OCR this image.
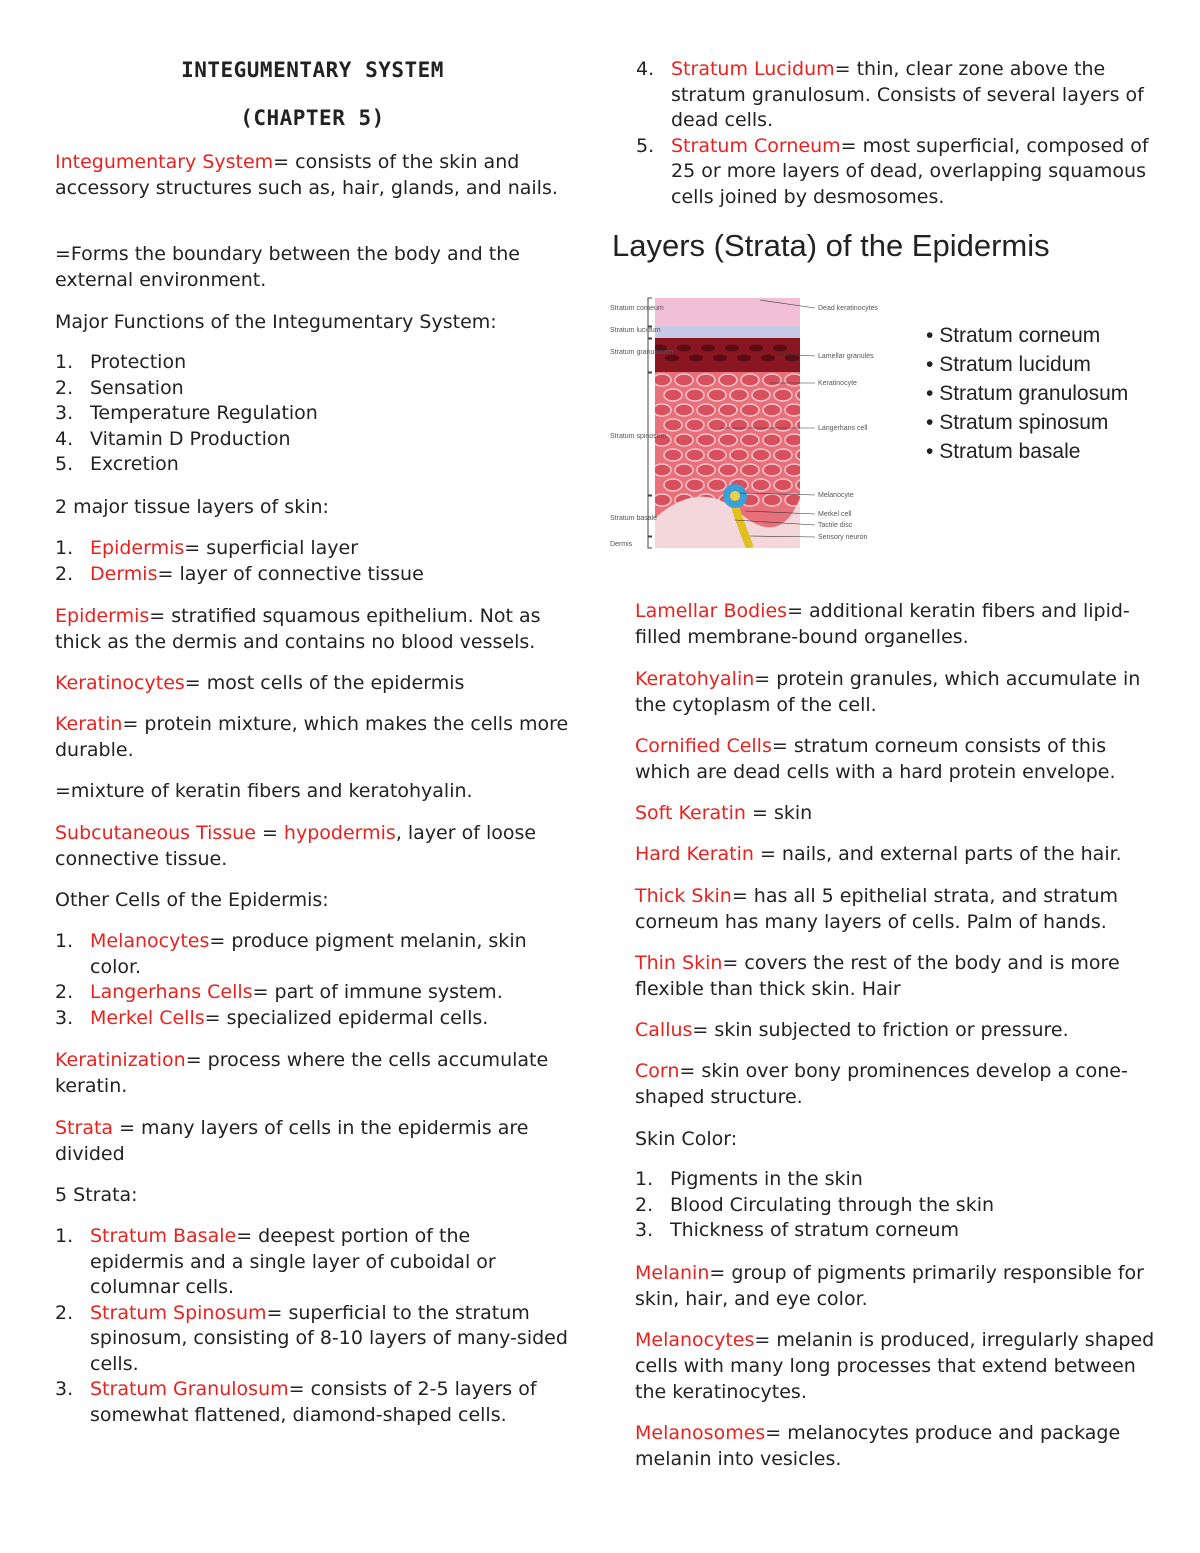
INTEGUMENTARY SYSTEM
(CHAPTER 5)

Integumentary System= consists of the skin and accessory structures such as, hair, glands, and nails.

=Forms the boundary between the body and the external environment.

Major Functions of the Integumentary System:

1. Protection
2. Sensation
3. Temperature Regulation
4. Vitamin D Production
5. Excretion

2 major tissue layers of skin:

1. Epidermis= superficial layer
2. Dermis= layer of connective tissue

Epidermis= stratified squamous epithelium. Not as thick as the dermis and contains no blood vessels.

Keratinocytes= most cells of the epidermis

Keratin= protein mixture, which makes the cells more durable.

=mixture of keratin fibers and keratohyalin.

Subcutaneous Tissue = hypodermis, layer of loose connective tissue.

Other Cells of the Epidermis:

1. Melanocytes= produce pigment melanin, skin color.
2. Langerhans Cells= part of immune system.
3. Merkel Cells= specialized epidermal cells.

Keratinization= process where the cells accumulate keratin.

Strata = many layers of cells in the epidermis are divided

5 Strata:

1. Stratum Basale= deepest portion of the epidermis and a single layer of cuboidal or columnar cells.
2. Stratum Spinosum= superficial to the stratum spinosum, consisting of 8-10 layers of many-sided cells.
3. Stratum Granulosum= consists of 2-5 layers of somewhat flattened, diamond-shaped cells.
4. Stratum Lucidum= thin, clear zone above the stratum granulosum. Consists of several layers of dead cells.
5. Stratum Corneum= most superficial, composed of 25 or more layers of dead, overlapping squamous cells joined by desmosomes.
Layers (Strata) of the Epidermis
Stratum corneum
Stratum lucidum
Stratum granulosum
Stratum spinosum
Stratum basale
Dermis
Dead keratinocytes
Lamellar granules
Keratinocyte
Langerhans cell
Melanocyte
Merkel cell
Tactile disc
Sensory neuron
• Stratum corneum
• Stratum lucidum
• Stratum granulosum
• Stratum spinosum
• Stratum basale

Lamellar Bodies= additional keratin fibers and lipid-filled membrane-bound organelles.

Keratohyalin= protein granules, which accumulate in the cytoplasm of the cell.

Cornified Cells= stratum corneum consists of this which are dead cells with a hard protein envelope.

Soft Keratin = skin

Hard Keratin = nails, and external parts of the hair.

Thick Skin= has all 5 epithelial strata, and stratum corneum has many layers of cells. Palm of hands.

Thin Skin= covers the rest of the body and is more flexible than thick skin. Hair

Callus= skin subjected to friction or pressure.

Corn= skin over bony prominences develop a cone-shaped structure.

Skin Color:

1. Pigments in the skin
2. Blood Circulating through the skin
3. Thickness of stratum corneum

Melanin= group of pigments primarily responsible for skin, hair, and eye color.

Melanocytes= melanin is produced, irregularly shaped cells with many long processes that extend between the keratinocytes.

Melanosomes= melanocytes produce and package melanin into vesicles.
